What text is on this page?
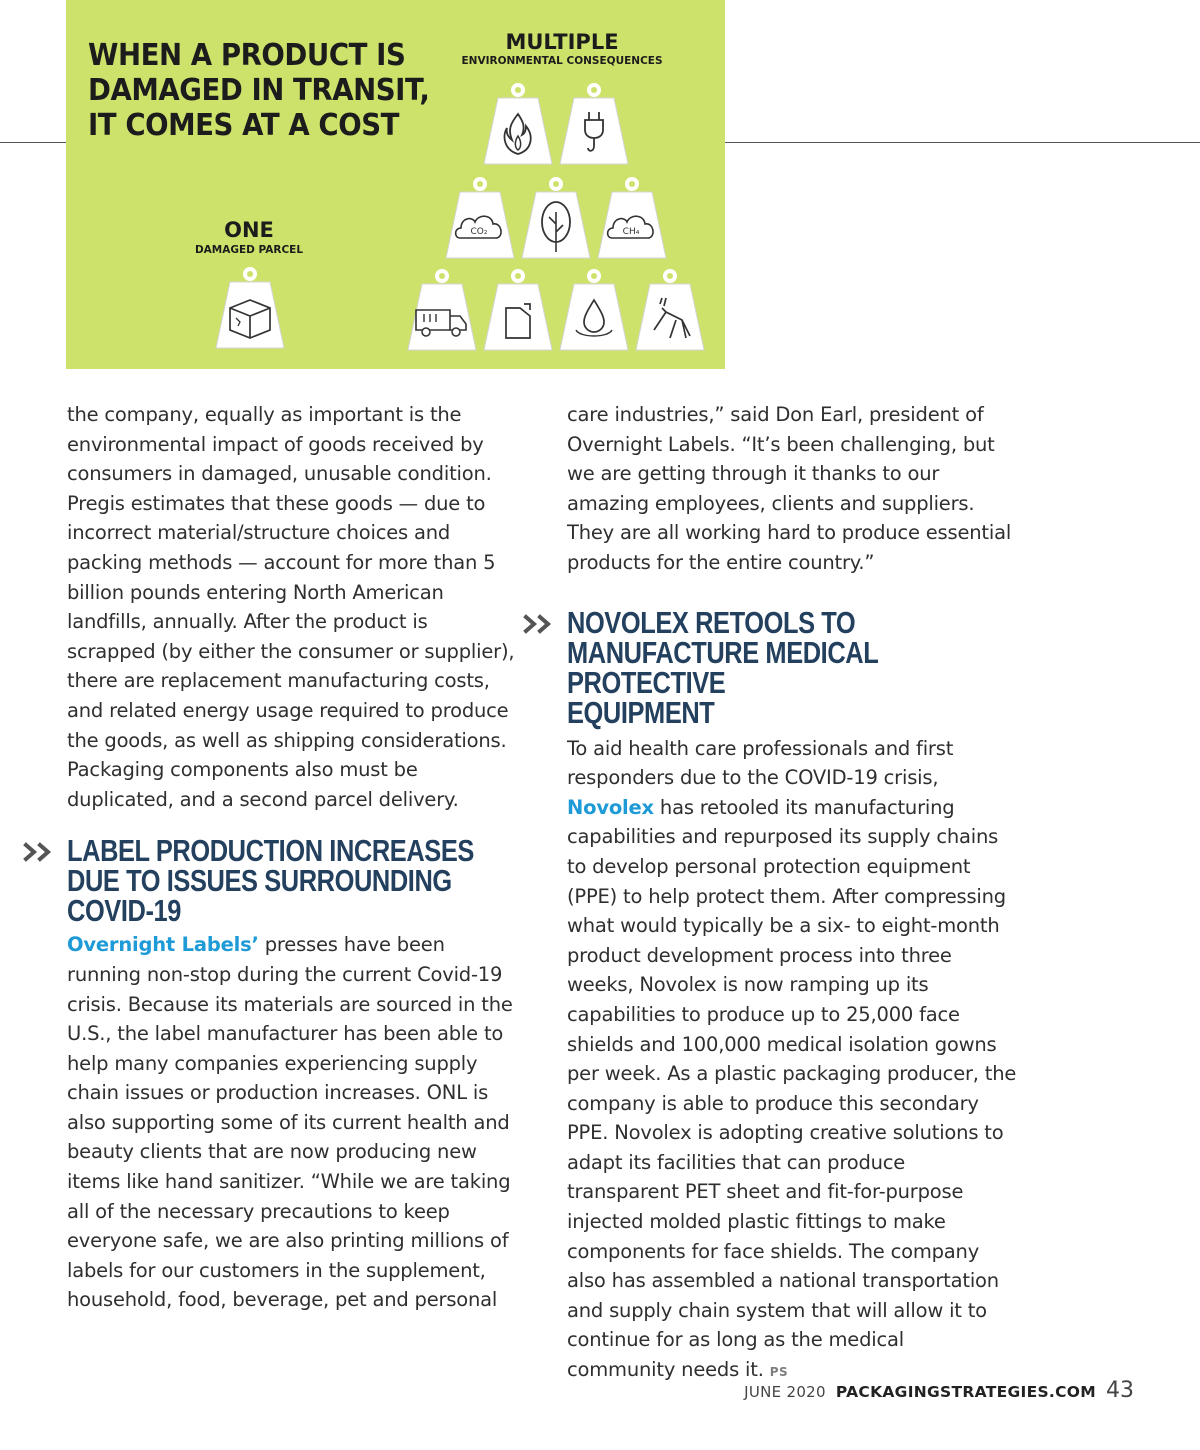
WHEN A PRODUCT IS DAMAGED IN TRANSIT, IT COMES AT A COST
MULTIPLE
ENVIRONMENTAL CONSEQUENCES
ONE
DAMAGED PARCEL
CO₂	CH₄

the company, equally as important is the environmental impact of goods received by consumers in damaged, unusable condition. Pregis estimates that these goods — due to incorrect material/structure choices and packing methods — account for more than 5 billion pounds entering North American landfills, annually. After the product is scrapped (by either the consumer or supplier), there are replacement manufacturing costs, and related energy usage required to produce the goods, as well as shipping considerations. Packaging components also must be duplicated, and a second parcel delivery.

LABEL PRODUCTION INCREASES DUE TO ISSUES SURROUNDING COVID-19

Overnight Labels’ presses have been running non-stop during the current Covid-19 crisis. Because its materials are sourced in the U.S., the label manufacturer has been able to help many companies experiencing supply chain issues or production increases. ONL is also supporting some of its current health and beauty clients that are now producing new items like hand sanitizer. “While we are taking all of the necessary precautions to keep everyone safe, we are also printing millions of labels for our customers in the supplement, household, food, beverage, pet and personal

care industries,” said Don Earl, president of Overnight Labels. “It’s been challenging, but we are getting through it thanks to our amazing employees, clients and suppliers. They are all working hard to produce essential products for the entire country.”

NOVOLEX RETOOLS TO MANUFACTURE MEDICAL PROTECTIVE EQUIPMENT

To aid health care professionals and first responders due to the COVID-19 crisis, Novolex has retooled its manufacturing capabilities and repurposed its supply chains to develop personal protection equipment (PPE) to help protect them. After compressing what would typically be a six- to eight-month product development process into three weeks, Novolex is now ramping up its capabilities to produce up to 25,000 face shields and 100,000 medical isolation gowns per week. As a plastic packaging producer, the company is able to produce this secondary PPE. Novolex is adopting creative solutions to adapt its facilities that can produce transparent PET sheet and fit-for-purpose injected molded plastic fittings to make components for face shields. The company also has assembled a national transportation and supply chain system that will allow it to continue for as long as the medical community needs it. PS

JUNE 2020 PACKAGINGSTRATEGIES.COM 43
